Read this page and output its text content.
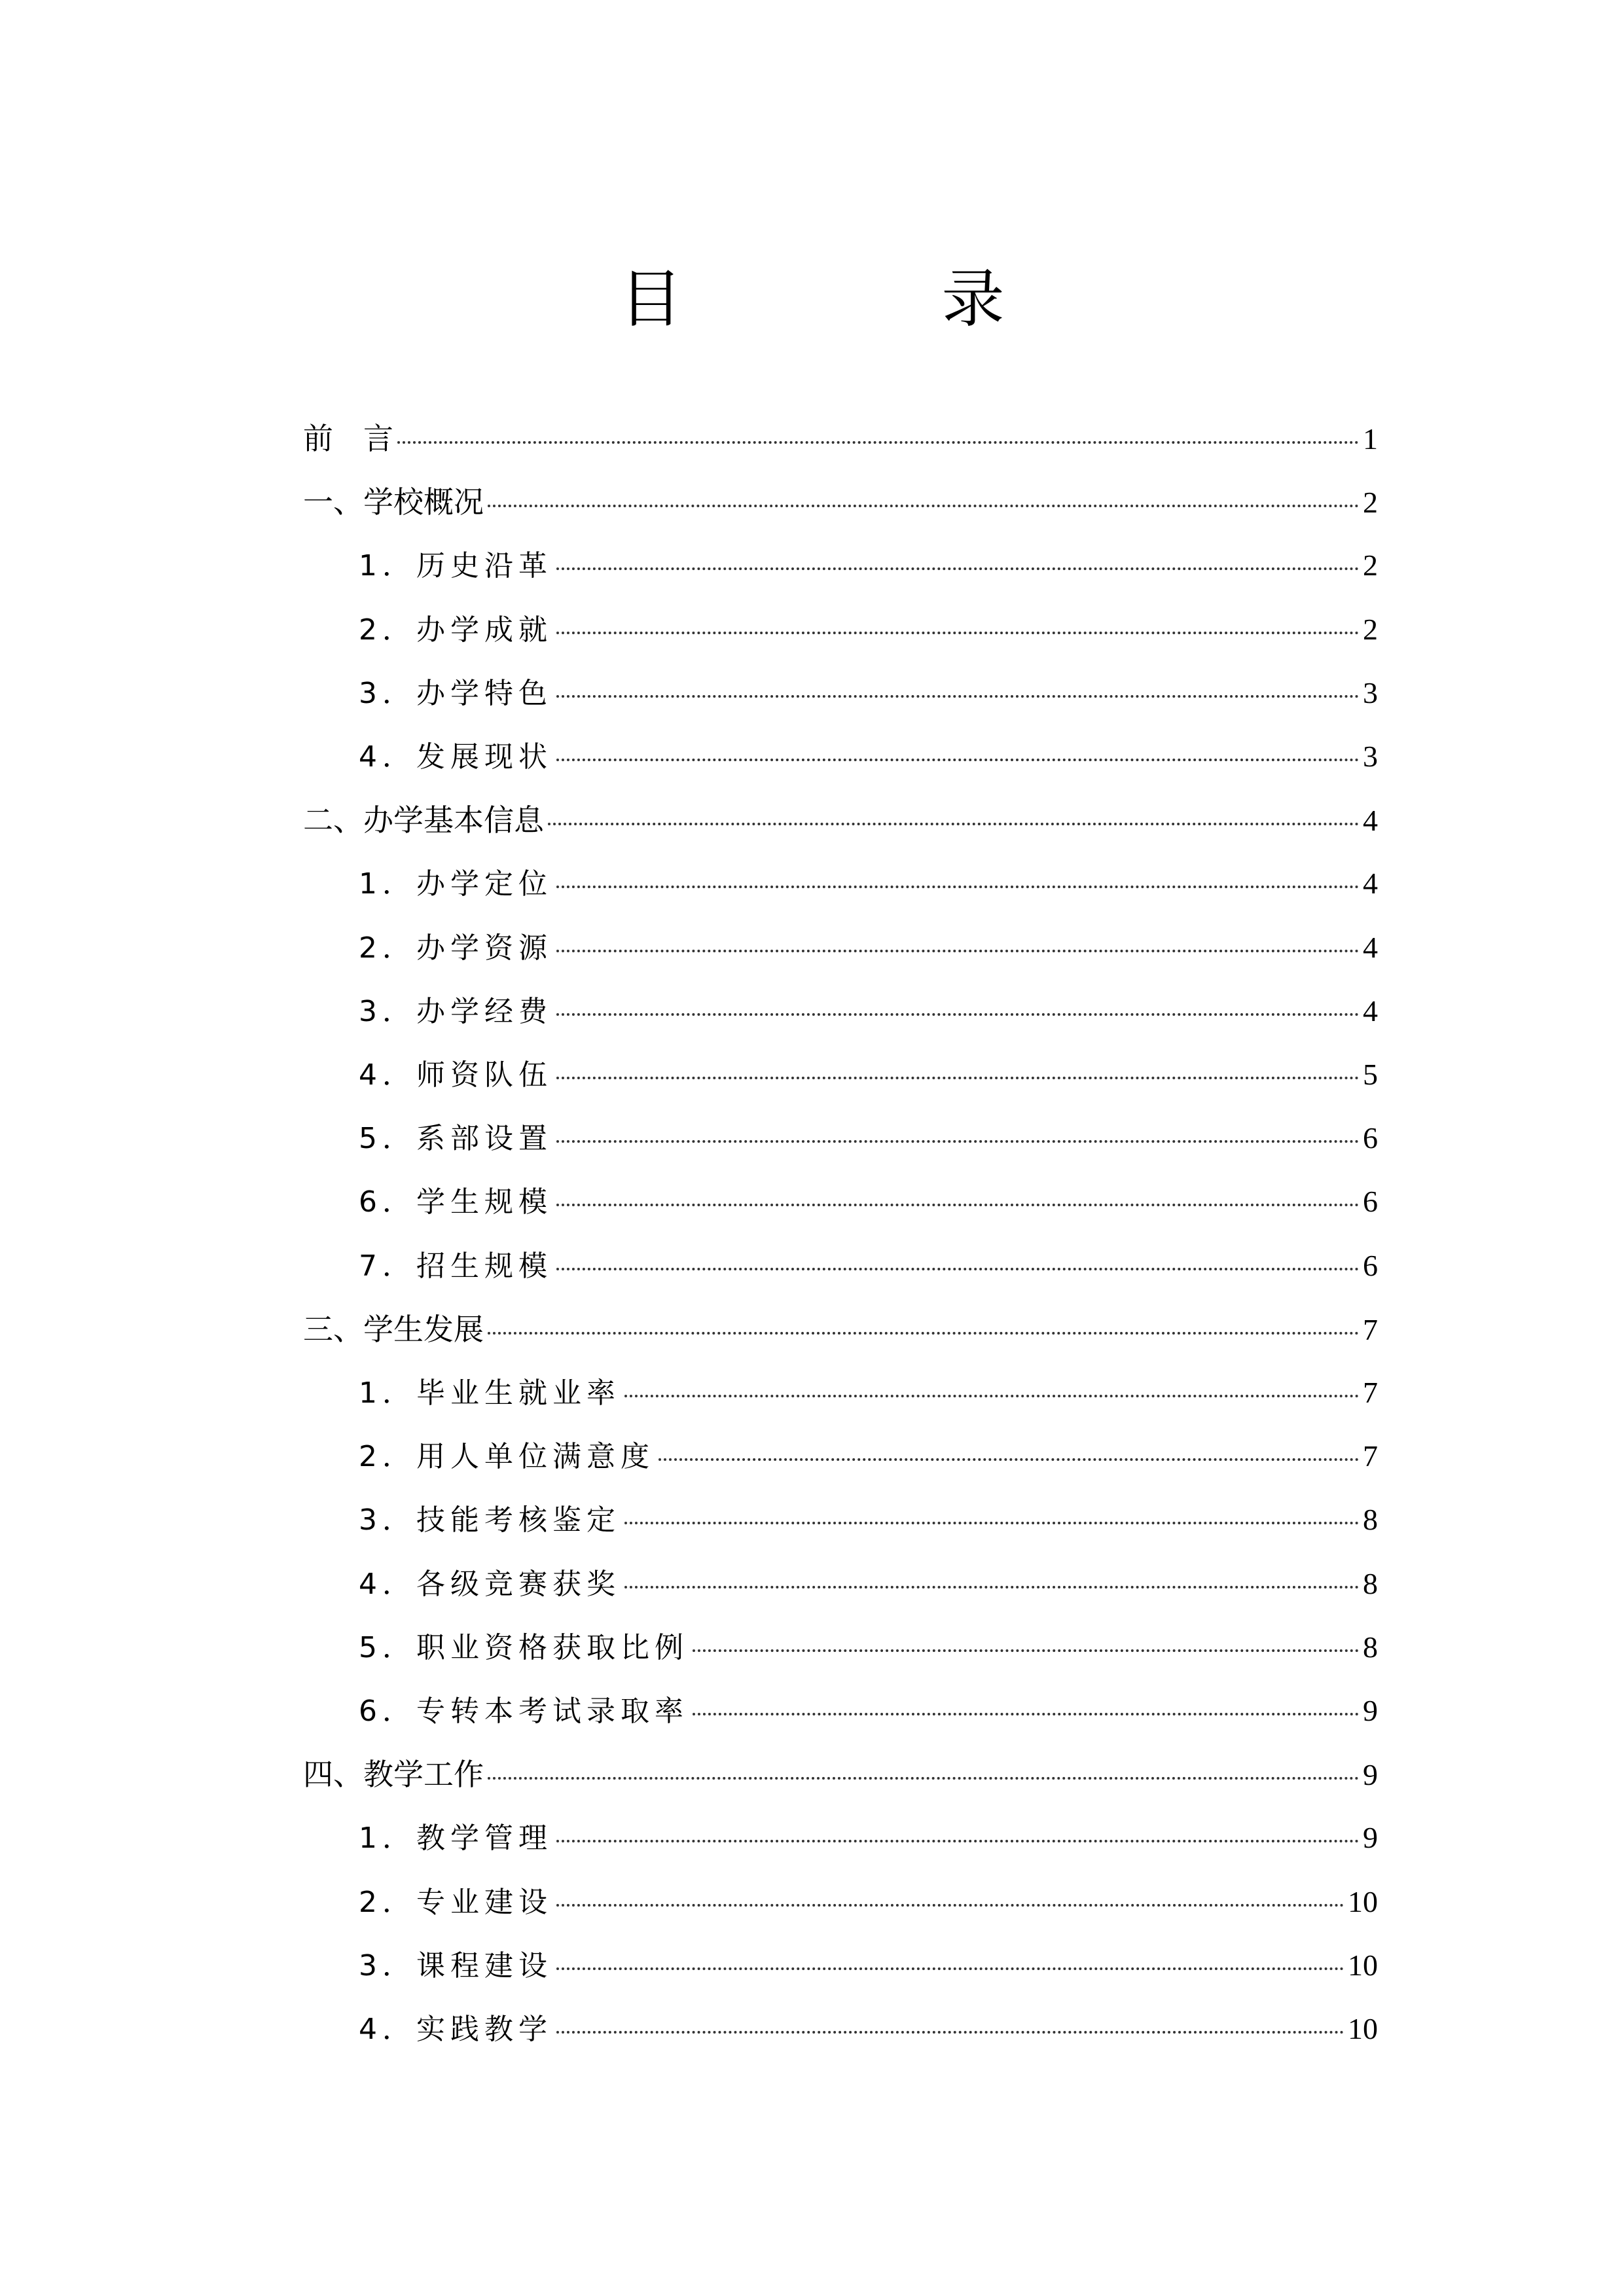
目　录
前　言	1
一、学校概况	2
1．历史沿革	2
2．办学成就	2
3．办学特色	3
4．发展现状	3
二、办学基本信息	4
1．办学定位	4
2．办学资源	4
3．办学经费	4
4．师资队伍	5
5．系部设置	6
6．学生规模	6
7．招生规模	6
三、学生发展	7
1．毕业生就业率	7
2．用人单位满意度	7
3．技能考核鉴定	8
4．各级竞赛获奖	8
5．职业资格获取比例	8
6．专转本考试录取率	9
四、教学工作	9
1．教学管理	9
2．专业建设	10
3．课程建设	10
4．实践教学	10
